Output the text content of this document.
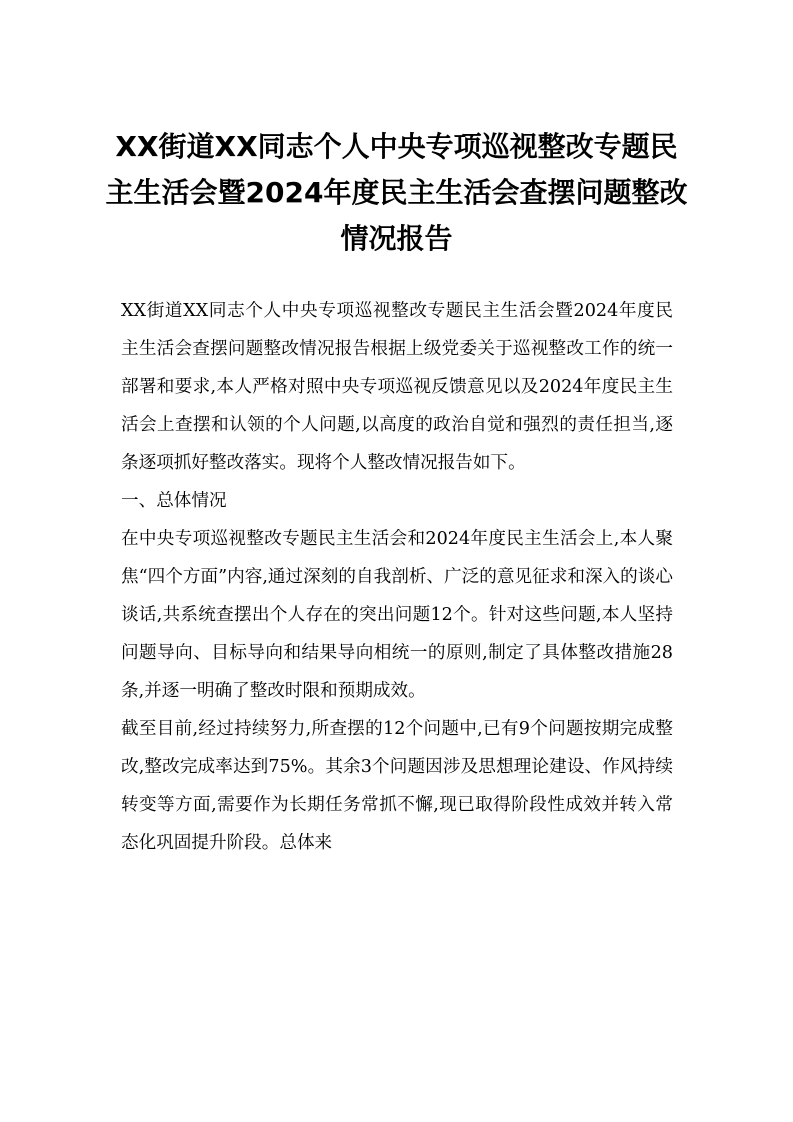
XX街道XX同志个人中央专项巡视整改专题民主生活会暨2024年度民主生活会查摆问题整改情况报告

XX街道XX同志个人中央专项巡视整改专题民主生活会暨2024年度民主生活会查摆问题整改情况报告根据上级党委关于巡视整改工作的统一部署和要求,本人严格对照中央专项巡视反馈意见以及2024年度民主生活会上查摆和认领的个人问题,以高度的政治自觉和强烈的责任担当,逐条逐项抓好整改落实。现将个人整改情况报告如下。

一、总体情况

在中央专项巡视整改专题民主生活会和2024年度民主生活会上,本人聚焦“四个方面”内容,通过深刻的自我剖析、广泛的意见征求和深入的谈心谈话,共系统查摆出个人存在的突出问题12个。针对这些问题,本人坚持问题导向、目标导向和结果导向相统一的原则,制定了具体整改措施28条,并逐一明确了整改时限和预期成效。

截至目前,经过持续努力,所查摆的12个问题中,已有9个问题按期完成整改,整改完成率达到75%。其余3个问题因涉及思想理论建设、作风持续转变等方面,需要作为长期任务常抓不懈,现已取得阶段性成效并转入常态化巩固提升阶段。总体来
